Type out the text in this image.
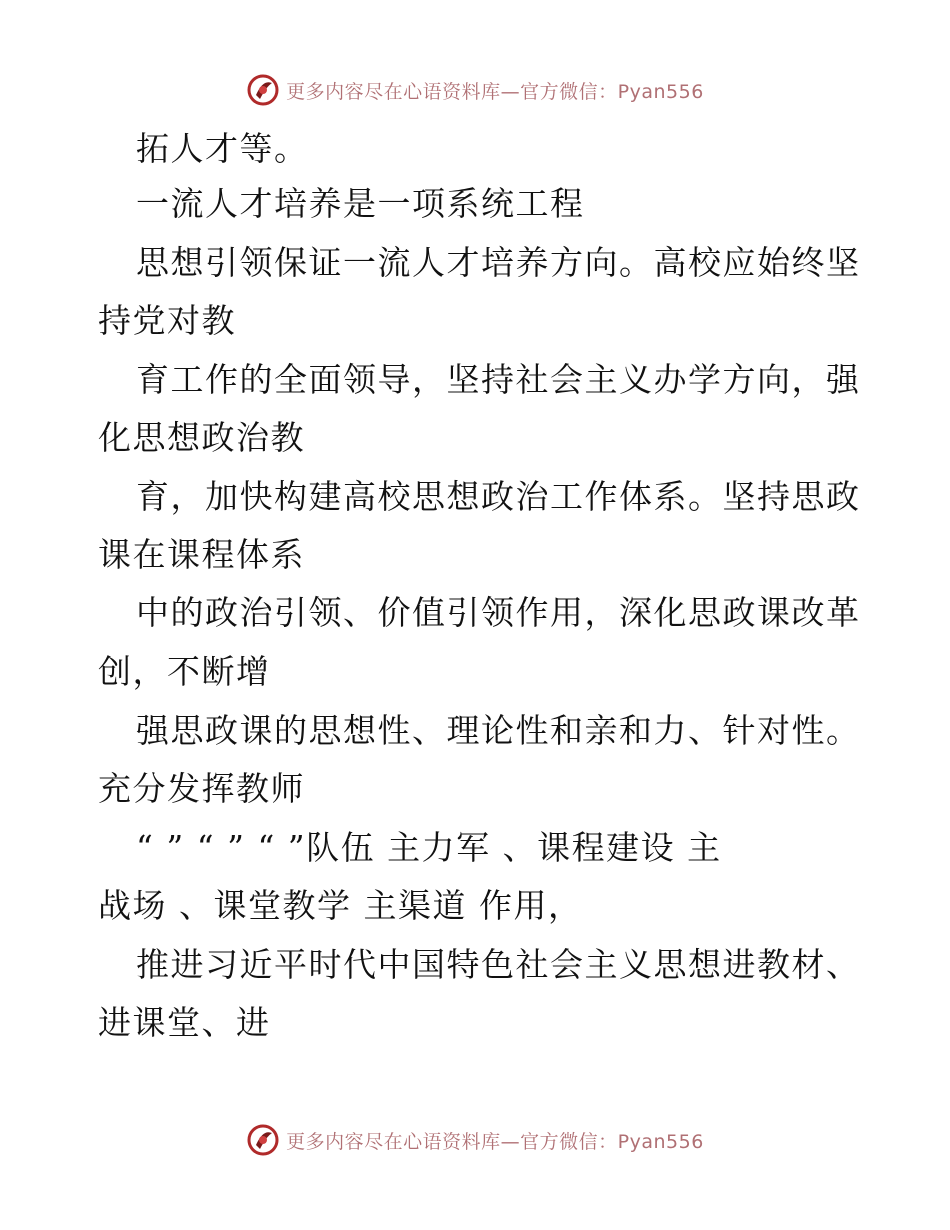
更多内容尽在心语资料库—官方微信：Pyan556

拓人才等。

一流人才培养是一项系统工程

思想引领保证一流人才培养方向。高校应始终坚

持党对教

育工作的全面领导，坚持社会主义办学方向，强

化思想政治教

育，加快构建高校思想政治工作体系。坚持思政

课在课程体系

中的政治引领、价值引领作用，深化思政课改革

创，不断增

强思政课的思想性、理论性和亲和力、针对性。

充分发挥教师

“ ” “ ” “ ”队伍 主力军 、课程建设 主

战场 、课堂教学 主渠道 作用，

推进习近平时代中国特色社会主义思想进教材、

进课堂、进

更多内容尽在心语资料库—官方微信：Pyan556
